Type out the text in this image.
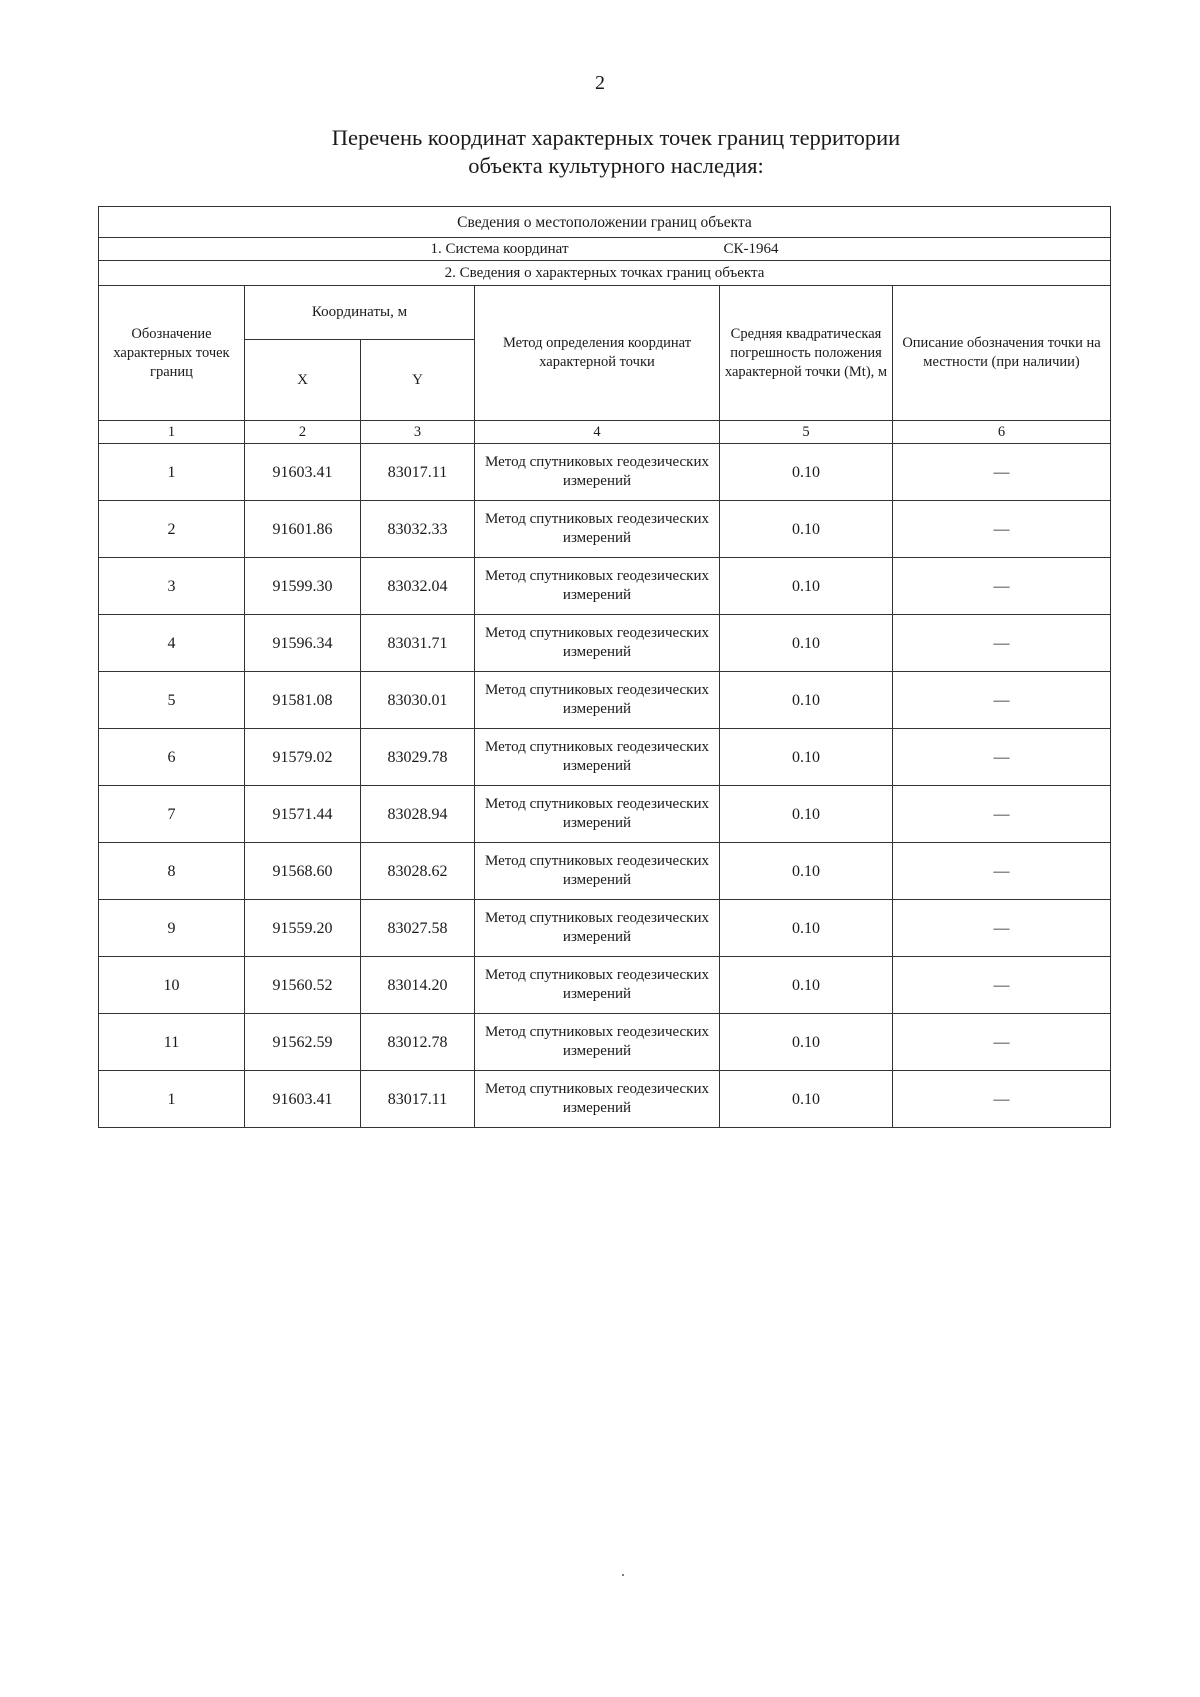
2
Перечень координат характерных точек границ территории
объекта культурного наследия:
Сведения о местоположении границ объекта					
1. Система координат СК-1964					
2. Сведения о характерных точках границ объекта					
Обозначение характерных точек границ	Координаты, м		Метод определения координат характерной точки	Средняя квадратическая погрешность положения характерной точки (Mt), м	Описание обозначения точки на местности (при наличии)
	X	Y			
1	2	3	4	5	6
1	91603.41	83017.11	Метод спутниковых геодезических измерений	0.10	—
2	91601.86	83032.33	Метод спутниковых геодезических измерений	0.10	—
3	91599.30	83032.04	Метод спутниковых геодезических измерений	0.10	—
4	91596.34	83031.71	Метод спутниковых геодезических измерений	0.10	—
5	91581.08	83030.01	Метод спутниковых геодезических измерений	0.10	—
6	91579.02	83029.78	Метод спутниковых геодезических измерений	0.10	—
7	91571.44	83028.94	Метод спутниковых геодезических измерений	0.10	—
8	91568.60	83028.62	Метод спутниковых геодезических измерений	0.10	—
9	91559.20	83027.58	Метод спутниковых геодезических измерений	0.10	—
10	91560.52	83014.20	Метод спутниковых геодезических измерений	0.10	—
11	91562.59	83012.78	Метод спутниковых геодезических измерений	0.10	—
1	91603.41	83017.11	Метод спутниковых геодезических измерений	0.10	—
